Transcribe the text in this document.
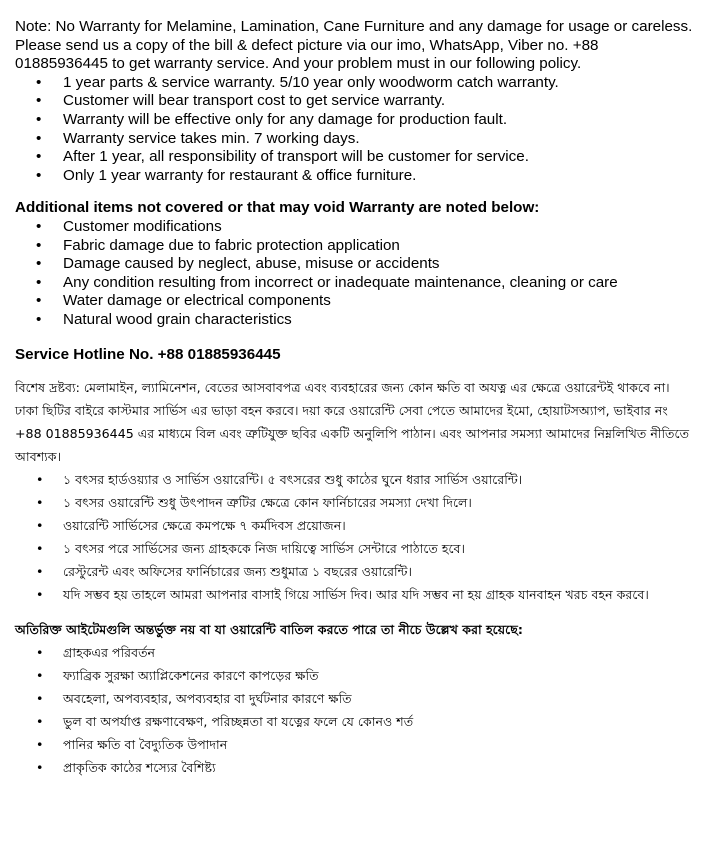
Note: No Warranty for Melamine, Lamination, Cane Furniture and any damage for usage or careless.

Please send us a copy of the bill & defect picture via our imo, WhatsApp, Viber no. +88 01885936445 to get warranty service. And your problem must in our following policy.

• 1 year parts & service warranty. 5/10 year only woodworm catch warranty.
• Customer will bear transport cost to get service warranty.
• Warranty will be effective only for any damage for production fault.
• Warranty service takes min. 7 working days.
• After 1 year, all responsibility of transport will be customer for service.
• Only 1 year warranty for restaurant & office furniture.

Additional items not covered or that may void Warranty are noted below:

• Customer modifications
• Fabric damage due to fabric protection application
• Damage caused by neglect, abuse, misuse or accidents
• Any condition resulting from incorrect or inadequate maintenance, cleaning or care
• Water damage or electrical components
• Natural wood grain characteristics

Service Hotline No. +88 01885936445

বিশেষ দ্রষ্টব্য: মেলামাইন, ল্যামিনেশন, বেতের আসবাবপত্র এবং ব্যবহারের জন্য কোন ক্ষতি বা অযত্ন এর ক্ষেত্রে ওয়ারেন্টই থাকবে না। ঢাকা ছিটির বাইরে কাস্টমার সার্ভিস এর ভাড়া বহন করবে। দয়া করে ওয়ারেন্টি সেবা পেতে আমাদের ইমো, হোয়াটসঅ্যাপ, ভাইবার নং +88 01885936445 এর মাধ্যমে বিল এবং ত্রুটিযুক্ত ছবির একটি অনুলিপি পাঠান। এবং আপনার সমস্যা আমাদের নিম্নলিখিত নীতিতে আবশ্যক।

• ১ বৎসর হার্ডওয়্যার ও সার্ভিস ওয়ারেন্টি। ৫ বৎসরের শুধু কাঠের ঘুনে ধরার সার্ভিস ওয়ারেন্টি।
• ১ বৎসর ওয়ারেন্টি শুধু উৎপাদন ত্রুটির ক্ষেত্রে কোন ফার্নিচারের সমস্যা দেখা দিলে।
• ওয়ারেন্টি সার্ভিসের ক্ষেত্রে কমপক্ষে ৭ কর্মদিবস প্রয়োজন।
• ১ বৎসর পরে সার্ভিসের জন্য গ্রাহককে নিজ দায়িত্বে সার্ভিস সেন্টারে পাঠাতে হবে।
• রেস্টুরেন্ট এবং অফিসের ফার্নিচারের জন্য শুধুমাত্র ১ বছরের ওয়ারেন্টি।
• যদি সম্ভব হয় তাহলে আমরা আপনার বাসাই গিয়ে সার্ভিস দিব। আর যদি সম্ভব না হয় গ্রাহক যানবাহন খরচ বহন করবে।

অতিরিক্ত আইটেমগুলি অন্তর্ভুক্ত নয় বা যা ওয়ারেন্টি বাতিল করতে পারে তা নীচে উল্লেখ করা হয়েছে:

• গ্রাহকএর পরিবর্তন
• ফ্যাব্রিক সুরক্ষা অ্যাপ্লিকেশনের কারণে কাপড়ের ক্ষতি
• অবহেলা, অপব্যবহার, অপব্যবহার বা দুর্ঘটনার কারণে ক্ষতি
• ভুল বা অপর্যাপ্ত রক্ষণাবেক্ষণ, পরিচ্ছন্নতা বা যত্নের ফলে যে কোনও শর্ত
• পানির ক্ষতি বা বৈদ্যুতিক উপাদান
• প্রাকৃতিক কাঠের শস্যের বৈশিষ্ট্য
